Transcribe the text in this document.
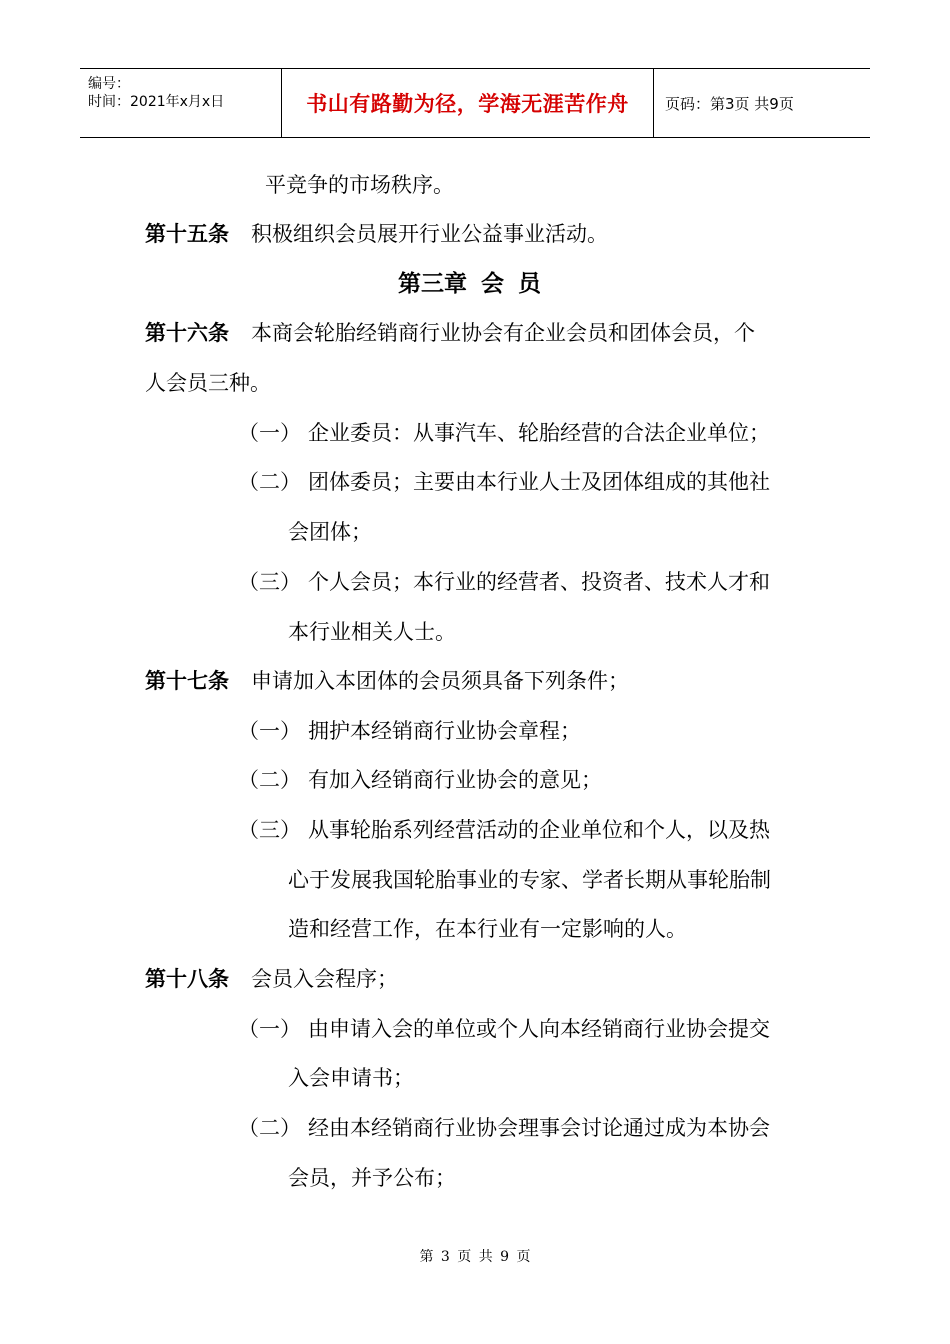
编号：
时间：2021年x月x日	书山有路勤为径，学海无涯苦作舟 页码：第3页 共9页
平竞争的市场秩序。
第十五条 积极组织会员展开行业公益事业活动。
第三章 会 员
第十六条 本商会轮胎经销商行业协会有企业会员和团体会员，个
人会员三种。
（一） 企业委员：从事汽车、轮胎经营的合法企业单位；
（二） 团体委员；主要由本行业人士及团体组成的其他社
会团体；
（三） 个人会员；本行业的经营者、投资者、技术人才和
本行业相关人士。
第十七条 申请加入本团体的会员须具备下列条件；
（一） 拥护本经销商行业协会章程；
（二） 有加入经销商行业协会的意见；
（三） 从事轮胎系列经营活动的企业单位和个人，以及热
心于发展我国轮胎事业的专家、学者长期从事轮胎制
造和经营工作，在本行业有一定影响的人。
第十八条 会员入会程序；
（一） 由申请入会的单位或个人向本经销商行业协会提交
入会申请书；
（二） 经由本经销商行业协会理事会讨论通过成为本协会
会员，并予公布；
第 3 页 共 9 页
